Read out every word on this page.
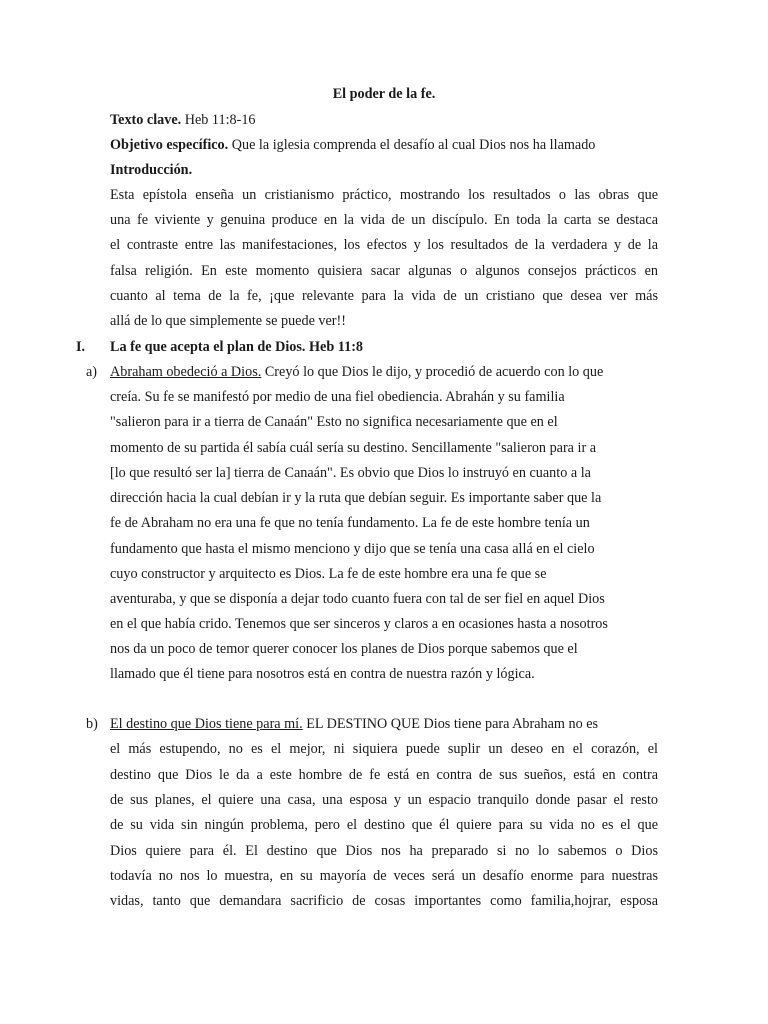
El poder de la fe.
Texto clave. Heb 11:8-16
Objetivo específico. Que la iglesia comprenda el desafío al cual Dios nos ha llamado
Introducción.
Esta epístola enseña un cristianismo práctico, mostrando los resultados o las obras que
una fe viviente y genuina produce en la vida de un discípulo. En toda la carta se destaca
el contraste entre las manifestaciones, los efectos y los resultados de la verdadera y de la
falsa religión. En este momento quisiera sacar algunas o algunos consejos prácticos en
cuanto al tema de la fe, ¡que relevante para la vida de un cristiano que desea ver más
allá de lo que simplemente se puede ver!!
I. La fe que acepta el plan de Dios. Heb 11:8
a) Abraham obedeció a Dios. Creyó lo que Dios le dijo, y procedió de acuerdo con lo que
creía. Su fe se manifestó por medio de una fiel obediencia. Abrahán y su familia
"salieron para ir a tierra de Canaán" Esto no significa necesariamente que en el
momento de su partida él sabía cuál sería su destino. Sencillamente "salieron para ir a
[lo que resultó ser la] tierra de Canaán". Es obvio que Dios lo instruyó en cuanto a la
dirección hacia la cual debían ir y la ruta que debían seguir. Es importante saber que la
fe de Abraham no era una fe que no tenía fundamento. La fe de este hombre tenía un
fundamento que hasta el mismo menciono y dijo que se tenía una casa allá en el cielo
cuyo constructor y arquitecto es Dios. La fe de este hombre era una fe que se
aventuraba, y que se disponía a dejar todo cuanto fuera con tal de ser fiel en aquel Dios
en el que había crido. Tenemos que ser sinceros y claros a en ocasiones hasta a nosotros
nos da un poco de temor querer conocer los planes de Dios porque sabemos que el
llamado que él tiene para nosotros está en contra de nuestra razón y lógica.
b) El destino que Dios tiene para mí. EL DESTINO QUE Dios tiene para Abraham no es
el más estupendo, no es el mejor, ni siquiera puede suplir un deseo en el corazón, el
destino que Dios le da a este hombre de fe está en contra de sus sueños, está en contra
de sus planes, el quiere una casa, una esposa y un espacio tranquilo donde pasar el resto
de su vida sin ningún problema, pero el destino que él quiere para su vida no es el que
Dios quiere para él. El destino que Dios nos ha preparado si no lo sabemos o Dios
todavía no nos lo muestra, en su mayoría de veces será un desafío enorme para nuestras
vidas, tanto que demandara sacrificio de cosas importantes como familia,hojrar, esposa
